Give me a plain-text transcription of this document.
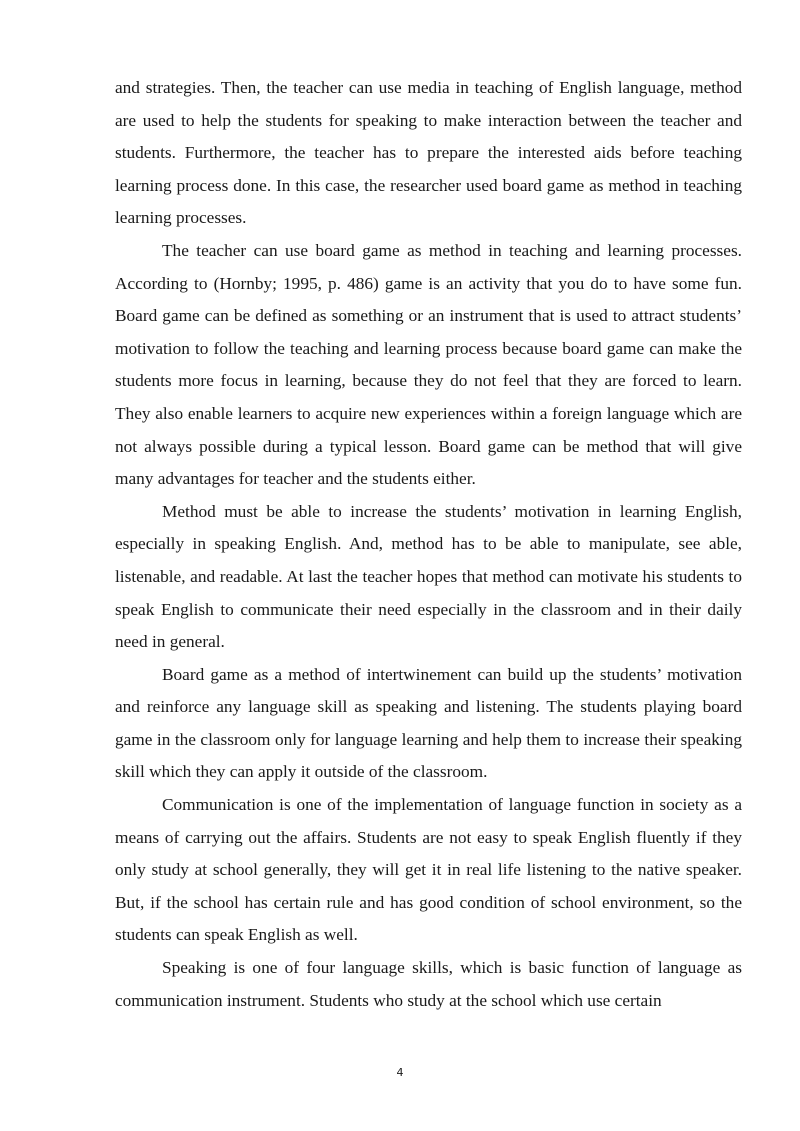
and strategies. Then, the teacher can use media in teaching of English language, method are used to help the students for speaking to make interaction between the teacher and students. Furthermore, the teacher has to prepare the interested aids before teaching learning process done. In this case, the researcher used board game as method in teaching learning processes.

The teacher can use board game as method in teaching and learning processes. According to (Hornby; 1995, p. 486) game is an activity that you do to have some fun. Board game can be defined as something or an instrument that is used to attract students’ motivation to follow the teaching and learning process because board game can make the students more focus in learning, because they do not feel that they are forced to learn. They also enable learners to acquire new experiences within a foreign language which are not always possible during a typical lesson. Board game can be method that will give many advantages for teacher and the students either.

Method must be able to increase the students’ motivation in learning English, especially in speaking English. And, method has to be able to manipulate, see able, listenable, and readable. At last the teacher hopes that method can motivate his students to speak English to communicate their need especially in the classroom and in their daily need in general.

Board game as a method of intertwinement can build up the students’ motivation and reinforce any language skill as speaking and listening. The students playing board game in the classroom only for language learning and help them to increase their speaking skill which they can apply it outside of the classroom.

Communication is one of the implementation of language function in society as a means of carrying out the affairs. Students are not easy to speak English fluently if they only study at school generally, they will get it in real life listening to the native speaker. But, if the school has certain rule and has good condition of school environment, so the students can speak English as well.

Speaking is one of four language skills, which is basic function of language as communication instrument. Students who study at the school which use certain

4
